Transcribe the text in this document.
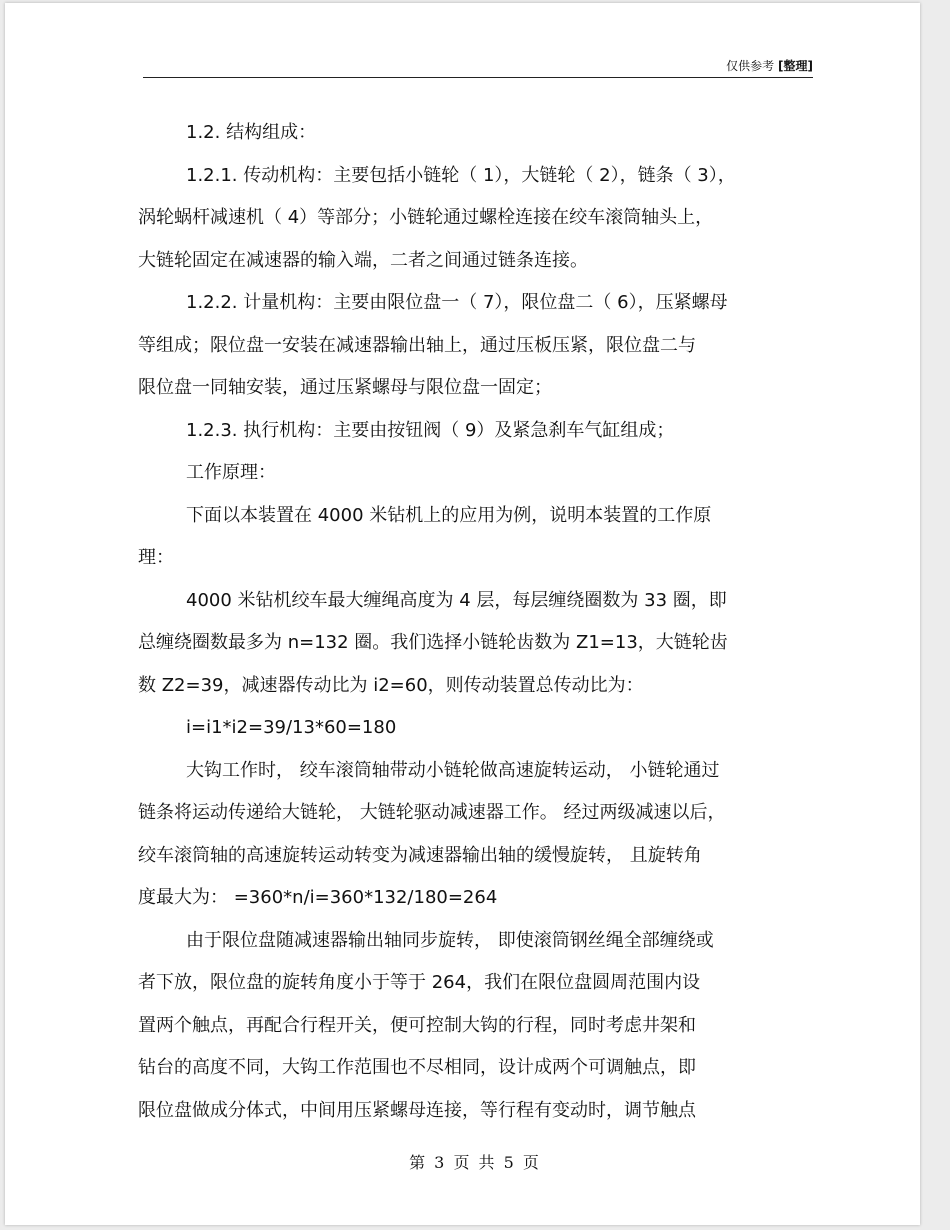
仅供参考 [整理]

1.2. 结构组成：

1.2.1. 传动机构：主要包括小链轮（ 1），大链轮（ 2），链条（ 3），

涡轮蜗杆减速机（ 4）等部分；小链轮通过螺栓连接在绞车滚筒轴头上，

大链轮固定在减速器的输入端，二者之间通过链条连接。

1.2.2. 计量机构：主要由限位盘一（ 7），限位盘二（ 6），压紧螺母

等组成；限位盘一安装在减速器输出轴上，通过压板压紧，限位盘二与

限位盘一同轴安装，通过压紧螺母与限位盘一固定；

1.2.3. 执行机构：主要由按钮阀（ 9）及紧急刹车气缸组成；

工作原理：

下面以本装置在 4000 米钻机上的应用为例，说明本装置的工作原

理：

4000 米钻机绞车最大缠绳高度为 4 层，每层缠绕圈数为 33 圈，即

总缠绕圈数最多为 n=132 圈。我们选择小链轮齿数为 Z1=13，大链轮齿

数 Z2=39，减速器传动比为 i2=60，则传动装置总传动比为：

i=i1*i2=39/13*60=180

大钩工作时， 绞车滚筒轴带动小链轮做高速旋转运动， 小链轮通过

链条将运动传递给大链轮， 大链轮驱动减速器工作。 经过两级减速以后，

绞车滚筒轴的高速旋转运动转变为减速器输出轴的缓慢旋转， 且旋转角

度最大为： =360*n/i=360*132/180=264

由于限位盘随减速器输出轴同步旋转， 即使滚筒钢丝绳全部缠绕或

者下放，限位盘的旋转角度小于等于 264，我们在限位盘圆周范围内设

置两个触点，再配合行程开关，便可控制大钩的行程，同时考虑井架和

钻台的高度不同，大钩工作范围也不尽相同，设计成两个可调触点，即

限位盘做成分体式，中间用压紧螺母连接，等行程有变动时，调节触点

第 3 页 共 5 页
